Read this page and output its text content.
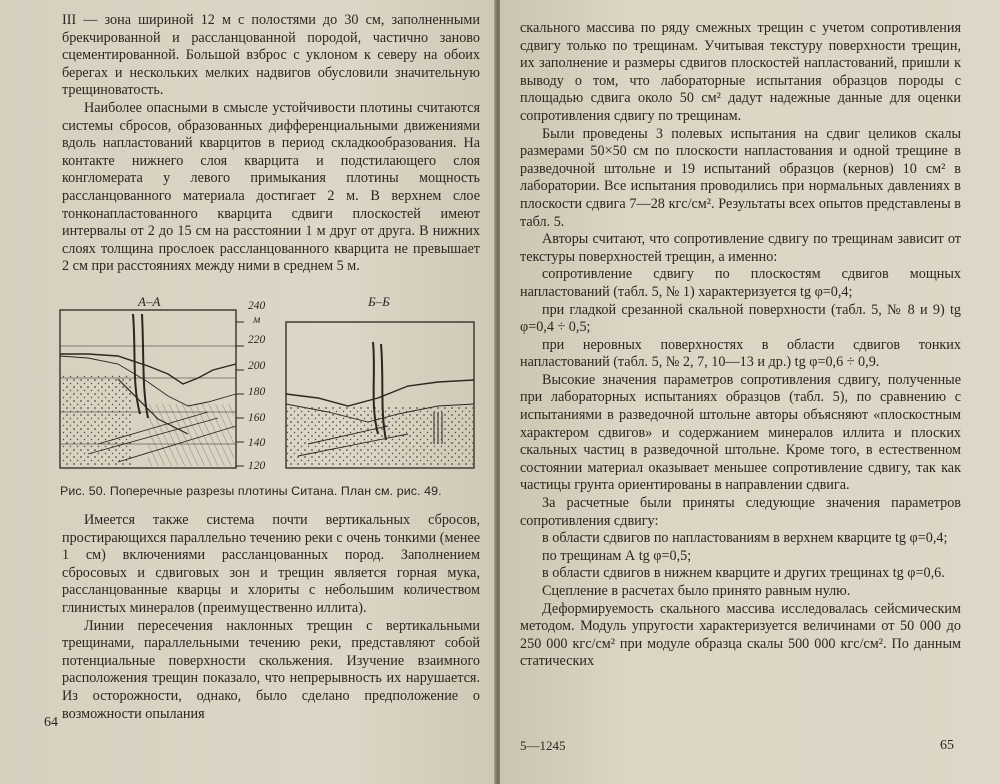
III — зона шириной 12 м с полостями до 30 см, заполненными брекчированной и рассланцованной породой, частично заново сцементированной. Большой взброс с уклоном к северу на обоих берегах и нескольких мелких надвигов обусловили значительную трещиноватость.

Наиболее опасными в смысле устойчивости плотины считаются системы сбросов, образованных дифференциальными движениями вдоль напластований кварцитов в период складкообразования. На контакте нижнего слоя кварцита и подстилающего слоя конгломерата у левого примыкания плотины мощность рассланцованного материала достигает 2 м. В верхнем слое тонконапластованного кварцита сдвиги плоскостей имеют интервалы от 2 до 15 см на расстоянии 1 м друг от друга. В нижних слоях толщина прослоек рассланцованного кварцита не превышает 2 см при расстояниях между ними в среднем 5 м.

А–А	Б–Б
240
м
220
200
180
160
140
120
Рис. 50. Поперечные разрезы плотины Ситана. План см. рис. 49.

Имеется также система почти вертикальных сбросов, простирающихся параллельно течению реки с очень тонкими (менее 1 см) включениями рассланцованных пород. Заполнением сбросовых и сдвиговых зон и трещин является горная мука, рассланцованные кварцы и хлориты с небольшим количеством глинистых минералов (преимущественно иллита).

Линии пересечения наклонных трещин с вертикальными трещинами, параллельными течению реки, представляют собой потенциальные поверхности скольжения. Изучение взаимного расположения трещин показало, что непрерывность их нарушается. Из осторожности, однако, было сделано предположение о возможности опылания

64

скального массива по ряду смежных трещин с учетом сопротивления сдвигу только по трещинам. Учитывая текстуру поверхности трещин, их заполнение и размеры сдвигов плоскостей напластований, пришли к выводу о том, что лабораторные испытания образцов породы с площадью сдвига около 50 см² дадут надежные данные для оценки сопротивления сдвигу по трещинам.

Были проведены 3 полевых испытания на сдвиг целиков скалы размерами 50×50 см по плоскости напластования и одной трещине в разведочной штольне и 19 испытаний образцов (кернов) 10 см² в лаборатории. Все испытания проводились при нормальных давлениях в плоскости сдвига 7—28 кгс/см². Результаты всех опытов представлены в табл. 5.

Авторы считают, что сопротивление сдвигу по трещинам зависит от текстуры поверхностей трещин, а именно:

сопротивление сдвигу по плоскостям сдвигов мощных напластований (табл. 5, № 1) характеризуется tg φ=0,4;

при гладкой срезанной скальной поверхности (табл. 5, № 8 и 9) tg φ=0,4 ÷ 0,5;

при неровных поверхностях в области сдвигов тонких напластований (табл. 5, № 2, 7, 10—13 и др.) tg φ=0,6 ÷ 0,9.

Высокие значения параметров сопротивления сдвигу, полученные при лабораторных испытаниях образцов (табл. 5), по сравнению с испытаниями в разведочной штольне авторы объясняют «плоскостным характером сдвигов» и содержанием минералов иллита и плоских скальных частиц в разведочной штольне. Кроме того, в естественном состоянии материал оказывает меньшее сопротивление сдвигу, так как частицы грунта ориентированы в направлении сдвига.

За расчетные были приняты следующие значения параметров сопротивления сдвигу:

в области сдвигов по напластованиям в верхнем кварците tg φ=0,4;

по трещинам А tg φ=0,5;

в области сдвигов в нижнем кварците и других трещинах tg φ=0,6.

Сцепление в расчетах было принято равным нулю.

Деформируемость скального массива исследовалась сейсмическим методом. Модуль упругости характеризуется величинами от 50 000 до 250 000 кгс/см² при модуле образца скалы 500 000 кгс/см². По данным статических

5—1245	65
